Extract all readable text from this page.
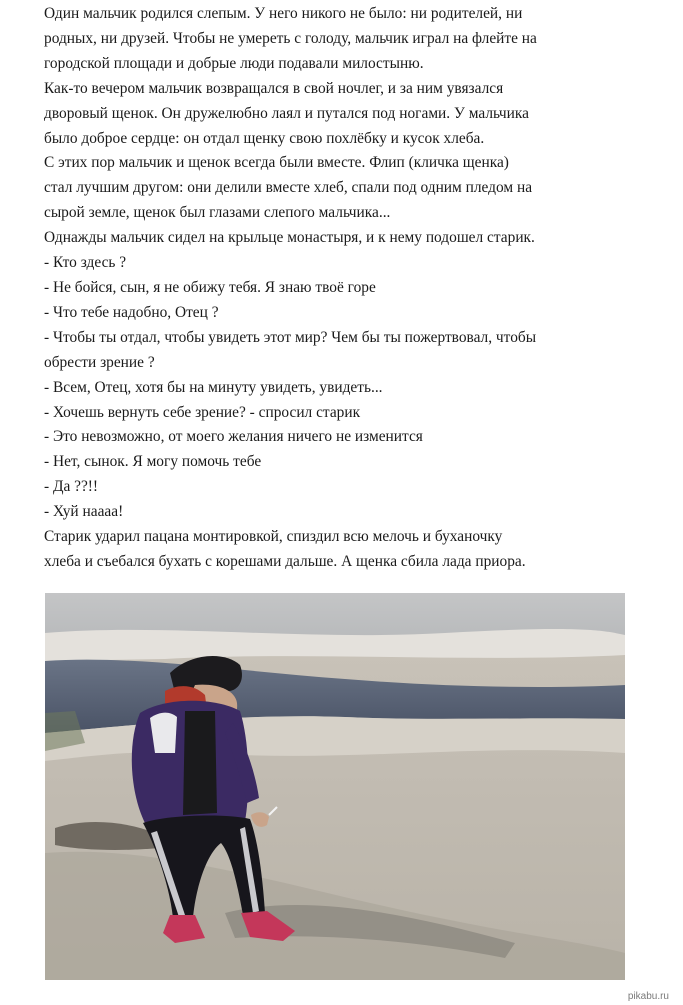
Один мальчик родился слепым. У него никого не было: ни родителей, ни
родных, ни друзей. Чтобы не умереть с голоду, мальчик играл на флейте на
городской площади и добрые люди подавали милостыню.
Как-то вечером мальчик возвращался в свой ночлег, и за ним увязался
дворовый щенок. Он дружелюбно лаял и путался под ногами. У мальчика
было доброе сердце: он отдал щенку свою похлёбку и кусок хлеба.
С этих пор мальчик и щенок всегда были вместе. Флип (кличка щенка)
стал лучшим другом: они делили вместе хлеб, спали под одним пледом на
сырой земле, щенок был глазами слепого мальчика...
Однажды мальчик сидел на крыльце монастыря, и к нему подошел старик.
- Кто здесь ?
- Не бойся, сын, я не обижу тебя. Я знаю твоё горе
- Что тебе надобно, Отец ?
- Чтобы ты отдал, чтобы увидеть этот мир? Чем бы ты пожертвовал, чтобы
обрести зрение ?
- Всем, Отец, хотя бы на минуту увидеть, увидеть...
- Хочешь вернуть себе зрение? - спросил старик
- Это невозможно, от моего желания ничего не изменится
- Нет, сынок. Я могу помочь тебе
- Да ??!!
- Хуй наааа!
Старик ударил пацана монтировкой, спиздил всю мелочь и буханочку
хлеба и съебался бухать с корешами дальше. А щенка сбила лада приора.
pikabu.ru
